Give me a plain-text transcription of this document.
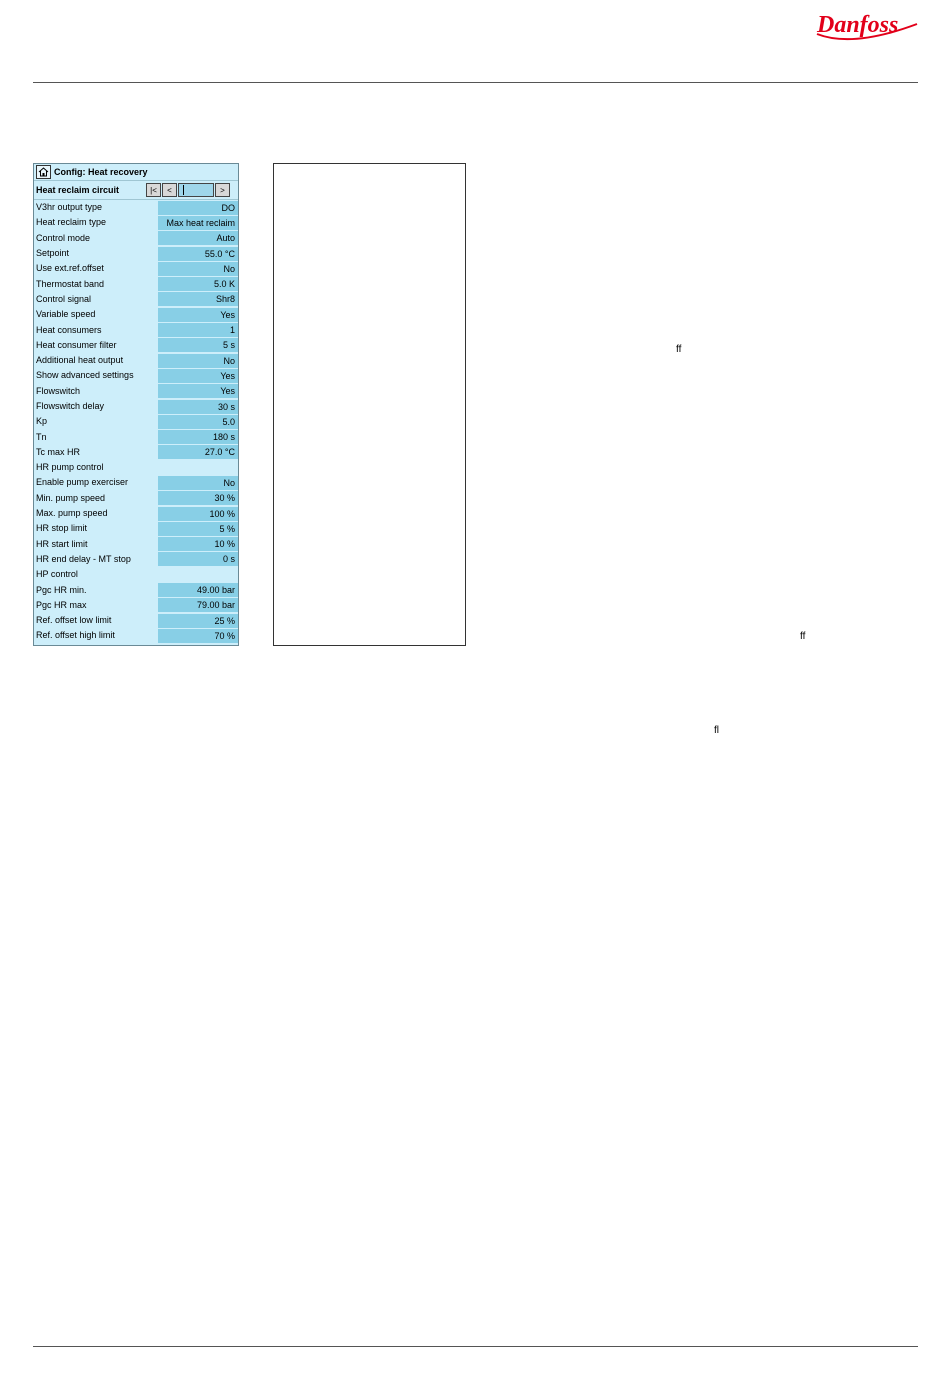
Danfoss
Config: Heat recovery
Heat reclaim circuit	|<	<	>
V3hr output type	DO
Heat reclaim type	Max heat reclaim
Control mode	Auto
Setpoint	55.0 °C
Use ext.ref.offset	No
Thermostat band	5.0 K
Control signal	Shr8
Variable speed	Yes
Heat consumers	1
Heat consumer filter	5 s
Additional heat output	No
Show advanced settings	Yes
Flowswitch	Yes
Flowswitch delay	30 s
Kp	5.0
Tn	180 s
Tc max HR	27.0 °C
HR pump control
Enable pump exerciser	No
Min. pump speed	30 %
Max. pump speed	100 %
HR stop limit	5 %
HR start limit	10 %
HR end delay - MT stop	0 s
HP control
Pgc HR min.	49.00 bar
Pgc HR max	79.00 bar
Ref. offset low limit	25 %
Ref. offset high limit	70 %
ff
ff
fl
